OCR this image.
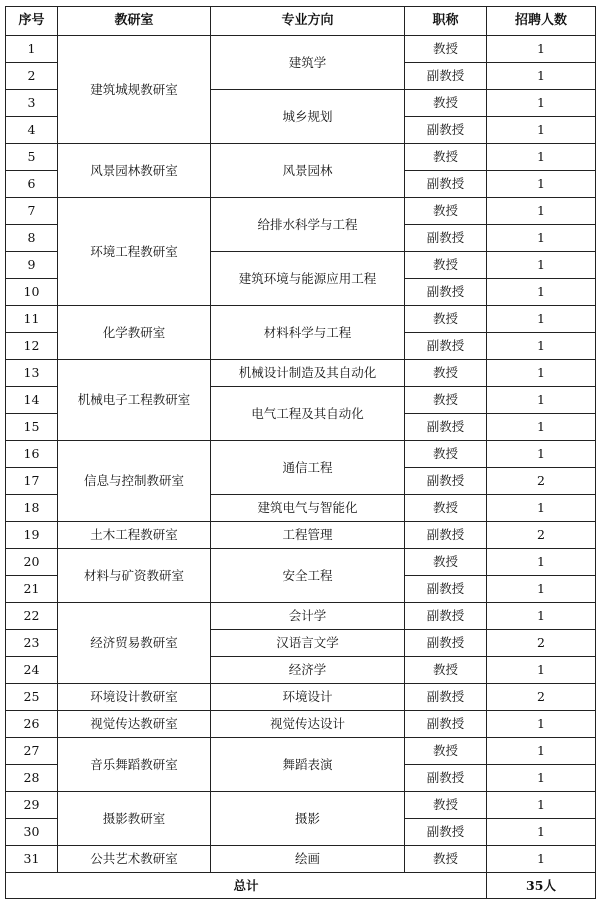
序号	教研室	专业方向	职称	招聘人数
1	建筑城规教研室	建筑学	教授	1
2			副教授	1
3		城乡规划	教授	1
4			副教授	1
5	风景园林教研室	风景园林	教授	1
6			副教授	1
7	环境工程教研室	给排水科学与工程	教授	1
8			副教授	1
9		建筑环境与能源应用工程	教授	1
10			副教授	1
11	化学教研室	材料科学与工程	教授	1
12			副教授	1
13	机械电子工程教研室	机械设计制造及其自动化	教授	1
14		电气工程及其自动化	教授	1
15			副教授	1
16	信息与控制教研室	通信工程	教授	1
17			副教授	2
18		建筑电气与智能化	教授	1
19	土木工程教研室	工程管理	副教授	2
20	材料与矿资教研室	安全工程	教授	1
21			副教授	1
22	经济贸易教研室	会计学	副教授	1
23		汉语言文学	副教授	2
24		经济学	教授	1
25	环境设计教研室	环境设计	副教授	2
26	视觉传达教研室	视觉传达设计	副教授	1
27	音乐舞蹈教研室	舞蹈表演	教授	1
28			副教授	1
29	摄影教研室	摄影	教授	1
30			副教授	1
31	公共艺术教研室	绘画	教授	1
总计				35人
